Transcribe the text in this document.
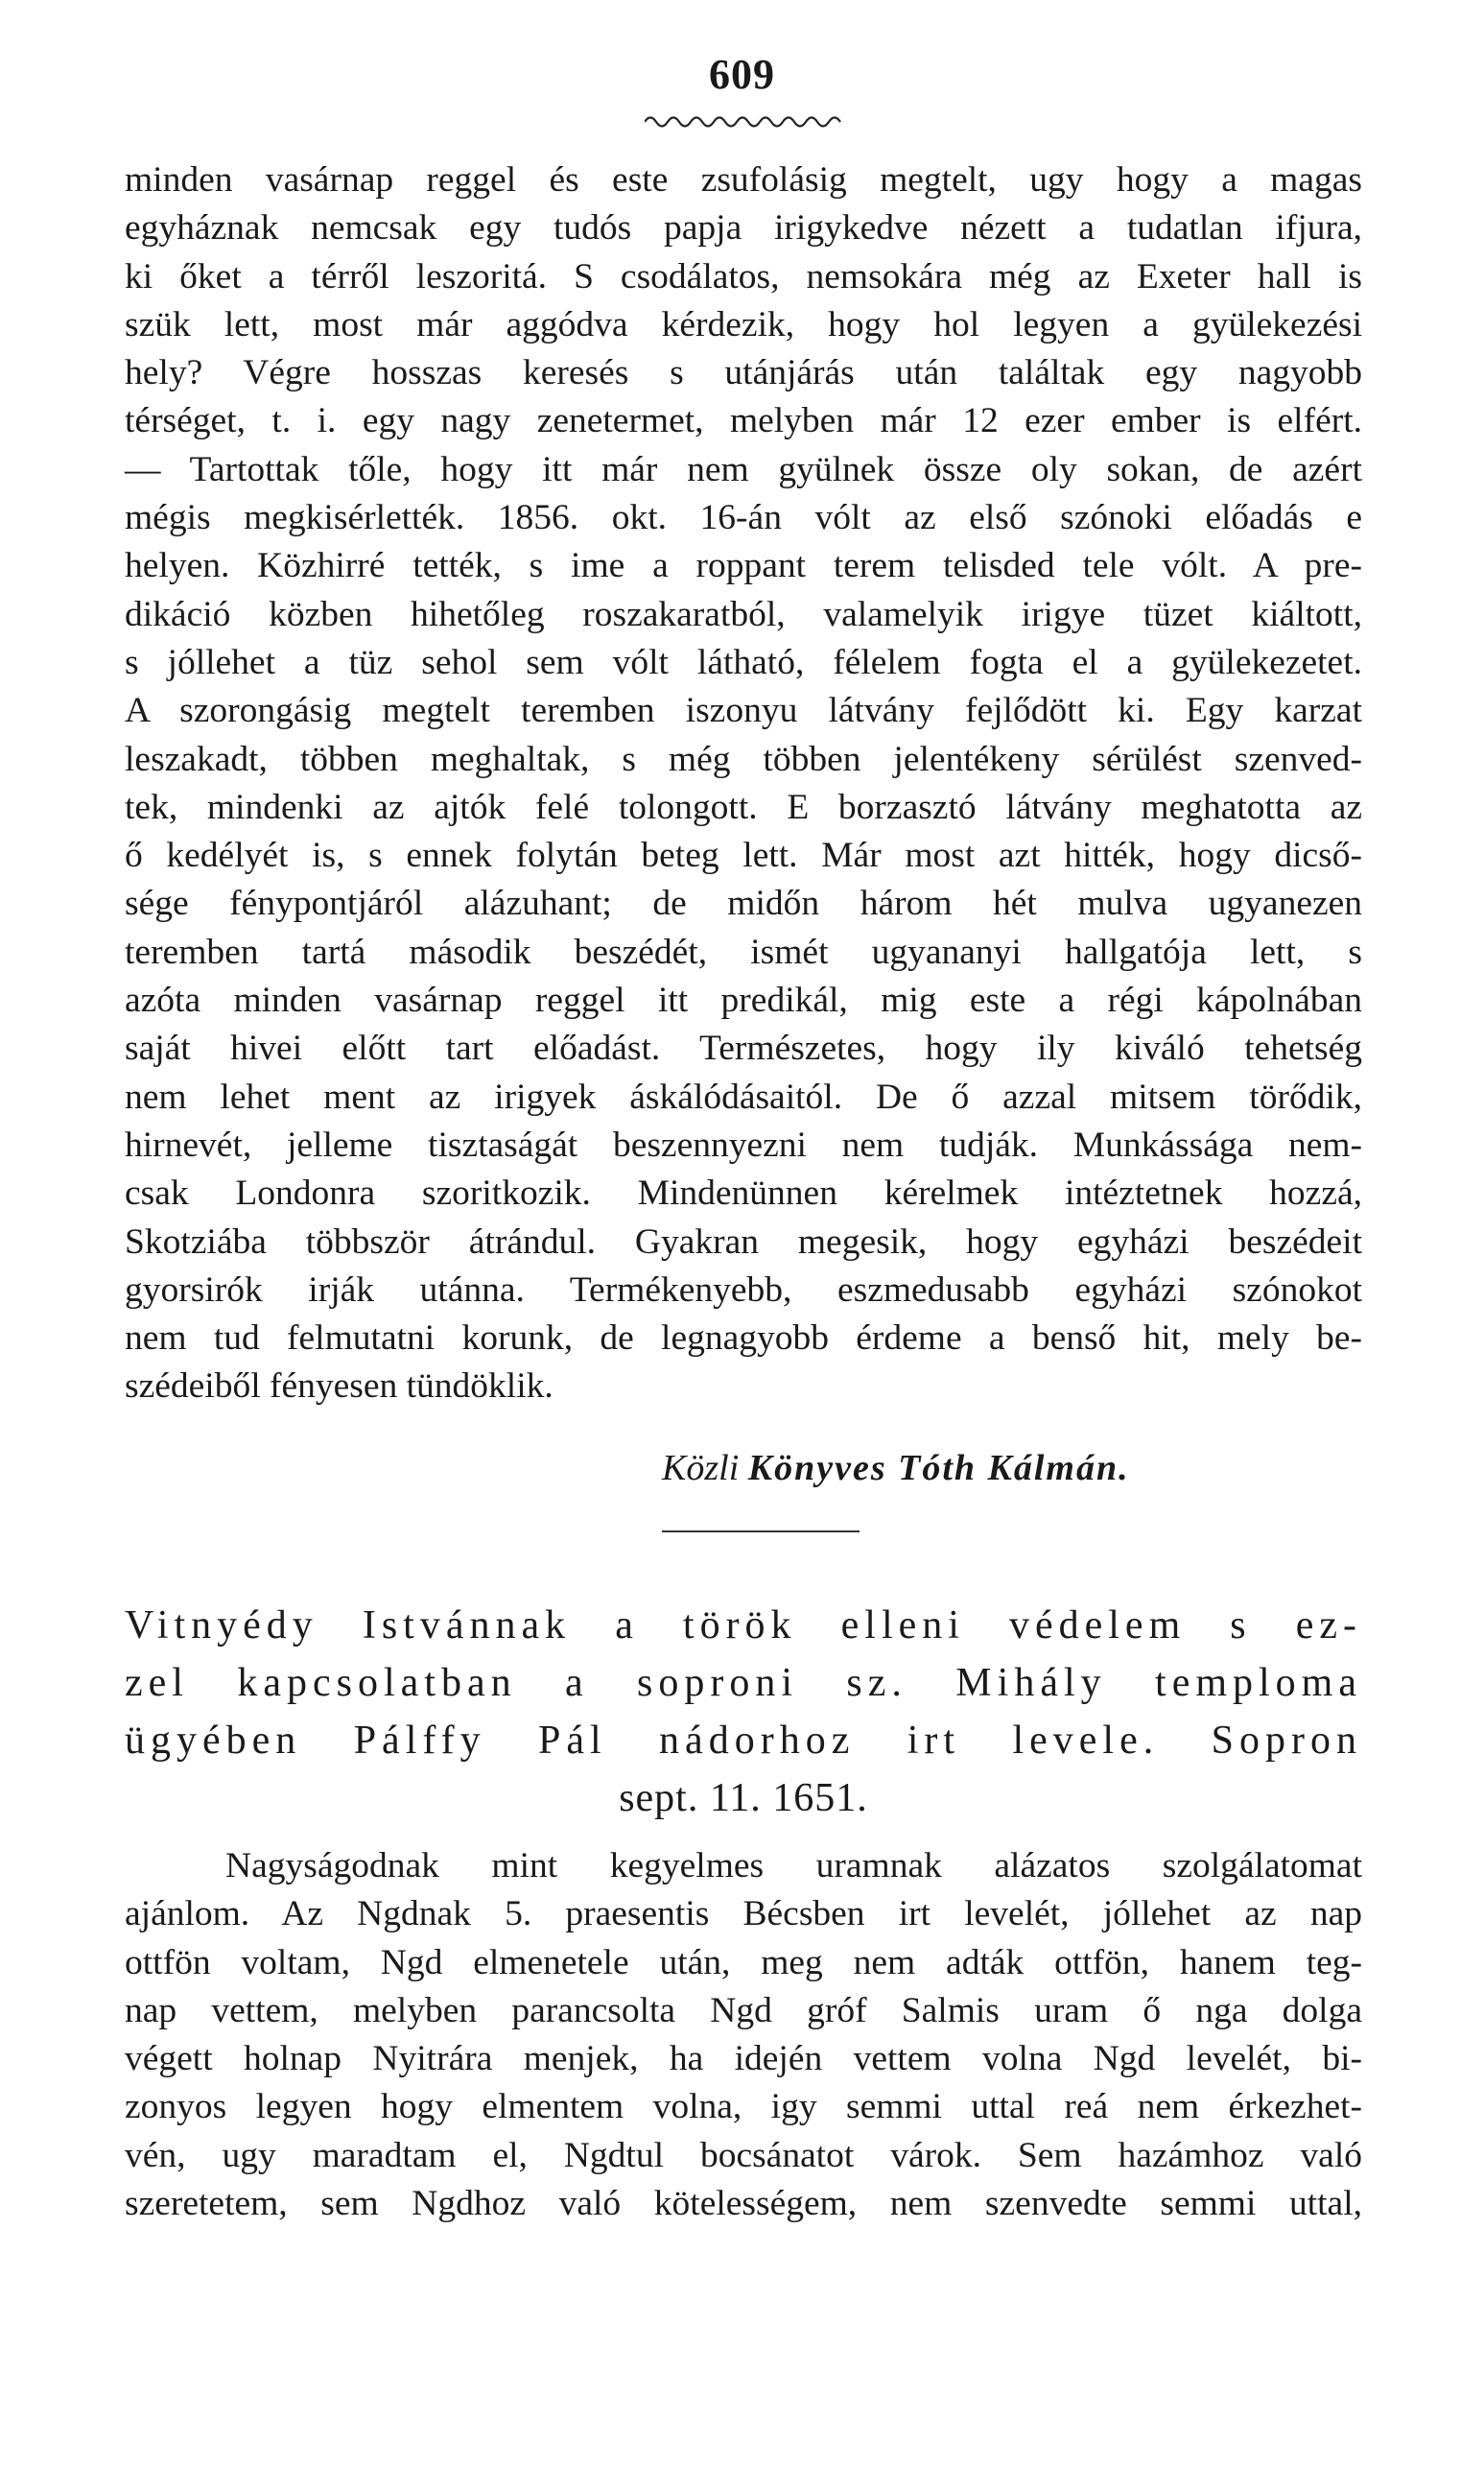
609
minden vasárnap reggel és este zsufolásig megtelt, ugy hogy a magas
egyháznak nemcsak egy tudós papja irigykedve nézett a tudatlan ifjura,
ki őket a térről leszoritá. S csodálatos, nemsokára még az Exeter hall is
szük lett, most már aggódva kérdezik, hogy hol legyen a gyülekezési
hely? Végre hosszas keresés s utánjárás után találtak egy nagyobb
térséget, t. i. egy nagy zenetermet, melyben már 12 ezer ember is elfért.
— Tartottak tőle, hogy itt már nem gyülnek össze oly sokan, de azért
mégis megkisérlették. 1856. okt. 16-án vólt az első szónoki előadás e
helyen. Közhirré tették, s ime a roppant terem telisded tele vólt. A pre-
dikáció közben hihetőleg roszakaratból, valamelyik irigye tüzet kiáltott,
s jóllehet a tüz sehol sem vólt látható, félelem fogta el a gyülekezetet.
A szorongásig megtelt teremben iszonyu látvány fejlődött ki. Egy karzat
leszakadt, többen meghaltak, s még többen jelentékeny sérülést szenved-
tek, mindenki az ajtók felé tolongott. E borzasztó látvány meghatotta az
ő kedélyét is, s ennek folytán beteg lett. Már most azt hitték, hogy dicső-
sége fénypontjáról alázuhant; de midőn három hét mulva ugyanezen
teremben tartá második beszédét, ismét ugyananyi hallgatója lett, s
azóta minden vasárnap reggel itt predikál, mig este a régi kápolnában
saját hivei előtt tart előadást. Természetes, hogy ily kiváló tehetség
nem lehet ment az irigyek áskálódásaitól. De ő azzal mitsem törődik,
hirnevét, jelleme tisztaságát beszennyezni nem tudják. Munkássága nem-
csak Londonra szoritkozik. Mindenünnen kérelmek intéztetnek hozzá,
Skotziába többször átrándul. Gyakran megesik, hogy egyházi beszédeit
gyorsirók irják utánna. Termékenyebb, eszmedusabb egyházi szónokot
nem tud felmutatni korunk, de legnagyobb érdeme a benső hit, mely be-
szédeiből fényesen tündöklik.
Közli Könyves Tóth Kálmán.
Vitnyédy Istvánnak a török elleni védelem s ez-
zel kapcsolatban a soproni sz. Mihály temploma
ügyében Pálffy Pál nádorhoz irt levele. Sopron
sept. 11. 1651.
Nagyságodnak mint kegyelmes uramnak alázatos szolgálatomat
ajánlom. Az Ngdnak 5. praesentis Bécsben irt levelét, jóllehet az nap
ottfön voltam, Ngd elmenetele után, meg nem adták ottfön, hanem teg-
nap vettem, melyben parancsolta Ngd gróf Salmis uram ő nga dolga
végett holnap Nyitrára menjek, ha idején vettem volna Ngd levelét, bi-
zonyos legyen hogy elmentem volna, igy semmi uttal reá nem érkezhet-
vén, ugy maradtam el, Ngdtul bocsánatot várok. Sem hazámhoz való
szeretetem, sem Ngdhoz való kötelességem, nem szenvedte semmi uttal,
